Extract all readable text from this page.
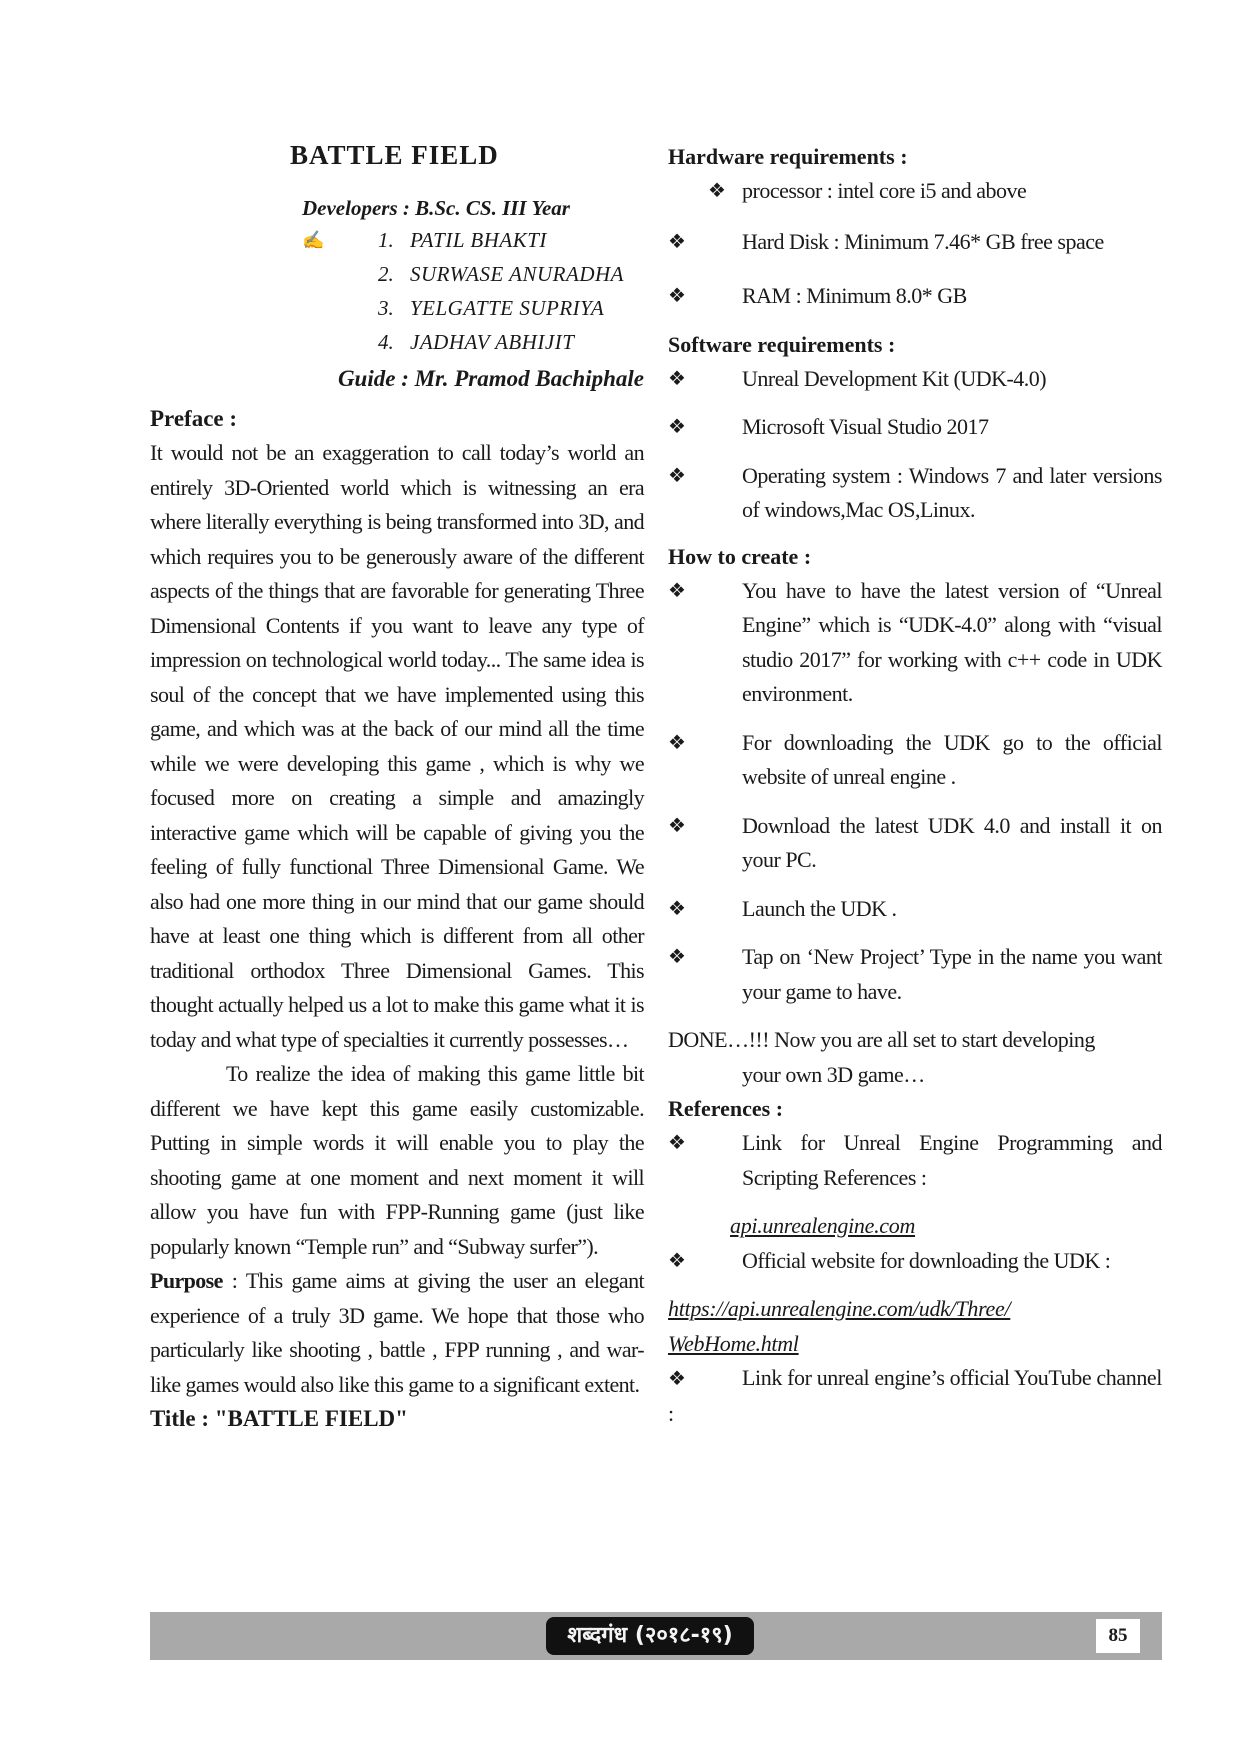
BATTLE FIELD
Developers : B.Sc. CS. III Year
✍	1. PATIL BHAKTI
2. SURWASE ANURADHA
3. YELGATTE SUPRIYA
4. JADHAV ABHIJIT
Guide : Mr. Pramod Bachiphale
Preface :

It would not be an exaggeration to call today’s world an entirely 3D-Oriented world which is witnessing an era where literally everything is being transformed into 3D, and which requires you to be generously aware of the different aspects of the things that are favorable for generating Three Dimensional Contents if you want to leave any type of impression on technological world today... The same idea is soul of the concept that we have implemented using this game, and which was at the back of our mind all the time while we were developing this game , which is why we focused more on creating a simple and amazingly interactive game which will be capable of giving you the feeling of fully functional Three Dimensional Game. We also had one more thing in our mind that our game should have at least one thing which is different from all other traditional orthodox Three Dimensional Games. This thought actually helped us a lot to make this game what it is today and what type of specialties it currently possesses…

To realize the idea of making this game little bit different we have kept this game easily customizable. Putting in simple words it will enable you to play the shooting game at one moment and next moment it will allow you have fun with FPP-Running game (just like popularly known “Temple run” and “Subway surfer”).

Purpose : This game aims at giving the user an elegant experience of a truly 3D game. We hope that those who particularly like shooting , battle , FPP running , and war-like games would also like this game to a significant extent.

Title : "BATTLE FIELD"
Hardware requirements :
❖ processor : intel core i5 and above
❖	Hard Disk : Minimum 7.46* GB free space
❖	RAM : Minimum 8.0* GB
Software requirements :
❖	Unreal Development Kit (UDK-4.0)
❖	Microsoft Visual Studio 2017
❖	Operating system : Windows 7 and later versions of windows,Mac OS,Linux.
How to create :
❖	You have to have the latest version of “Unreal Engine” which is “UDK-4.0” along with “visual studio 2017” for working with c++ code in UDK environment.
❖	For downloading the UDK go to the official website of unreal engine .
❖	Download the latest UDK 4.0 and install it on your PC.
❖	Launch the UDK .
❖	Tap on ‘New Project’ Type in the name you want your game to have.

DONE…!!! Now you are all set to start developing
your own 3D game…

References :
❖	Link for Unreal Engine Programming and Scripting References :
api.unrealengine.com
❖	Official website for downloading the UDK :
https://api.unrealengine.com/udk/Three/
WebHome.html

❖	Link for unreal engine’s official YouTube channel :

शब्दगंध (२०१८-१९)	85
